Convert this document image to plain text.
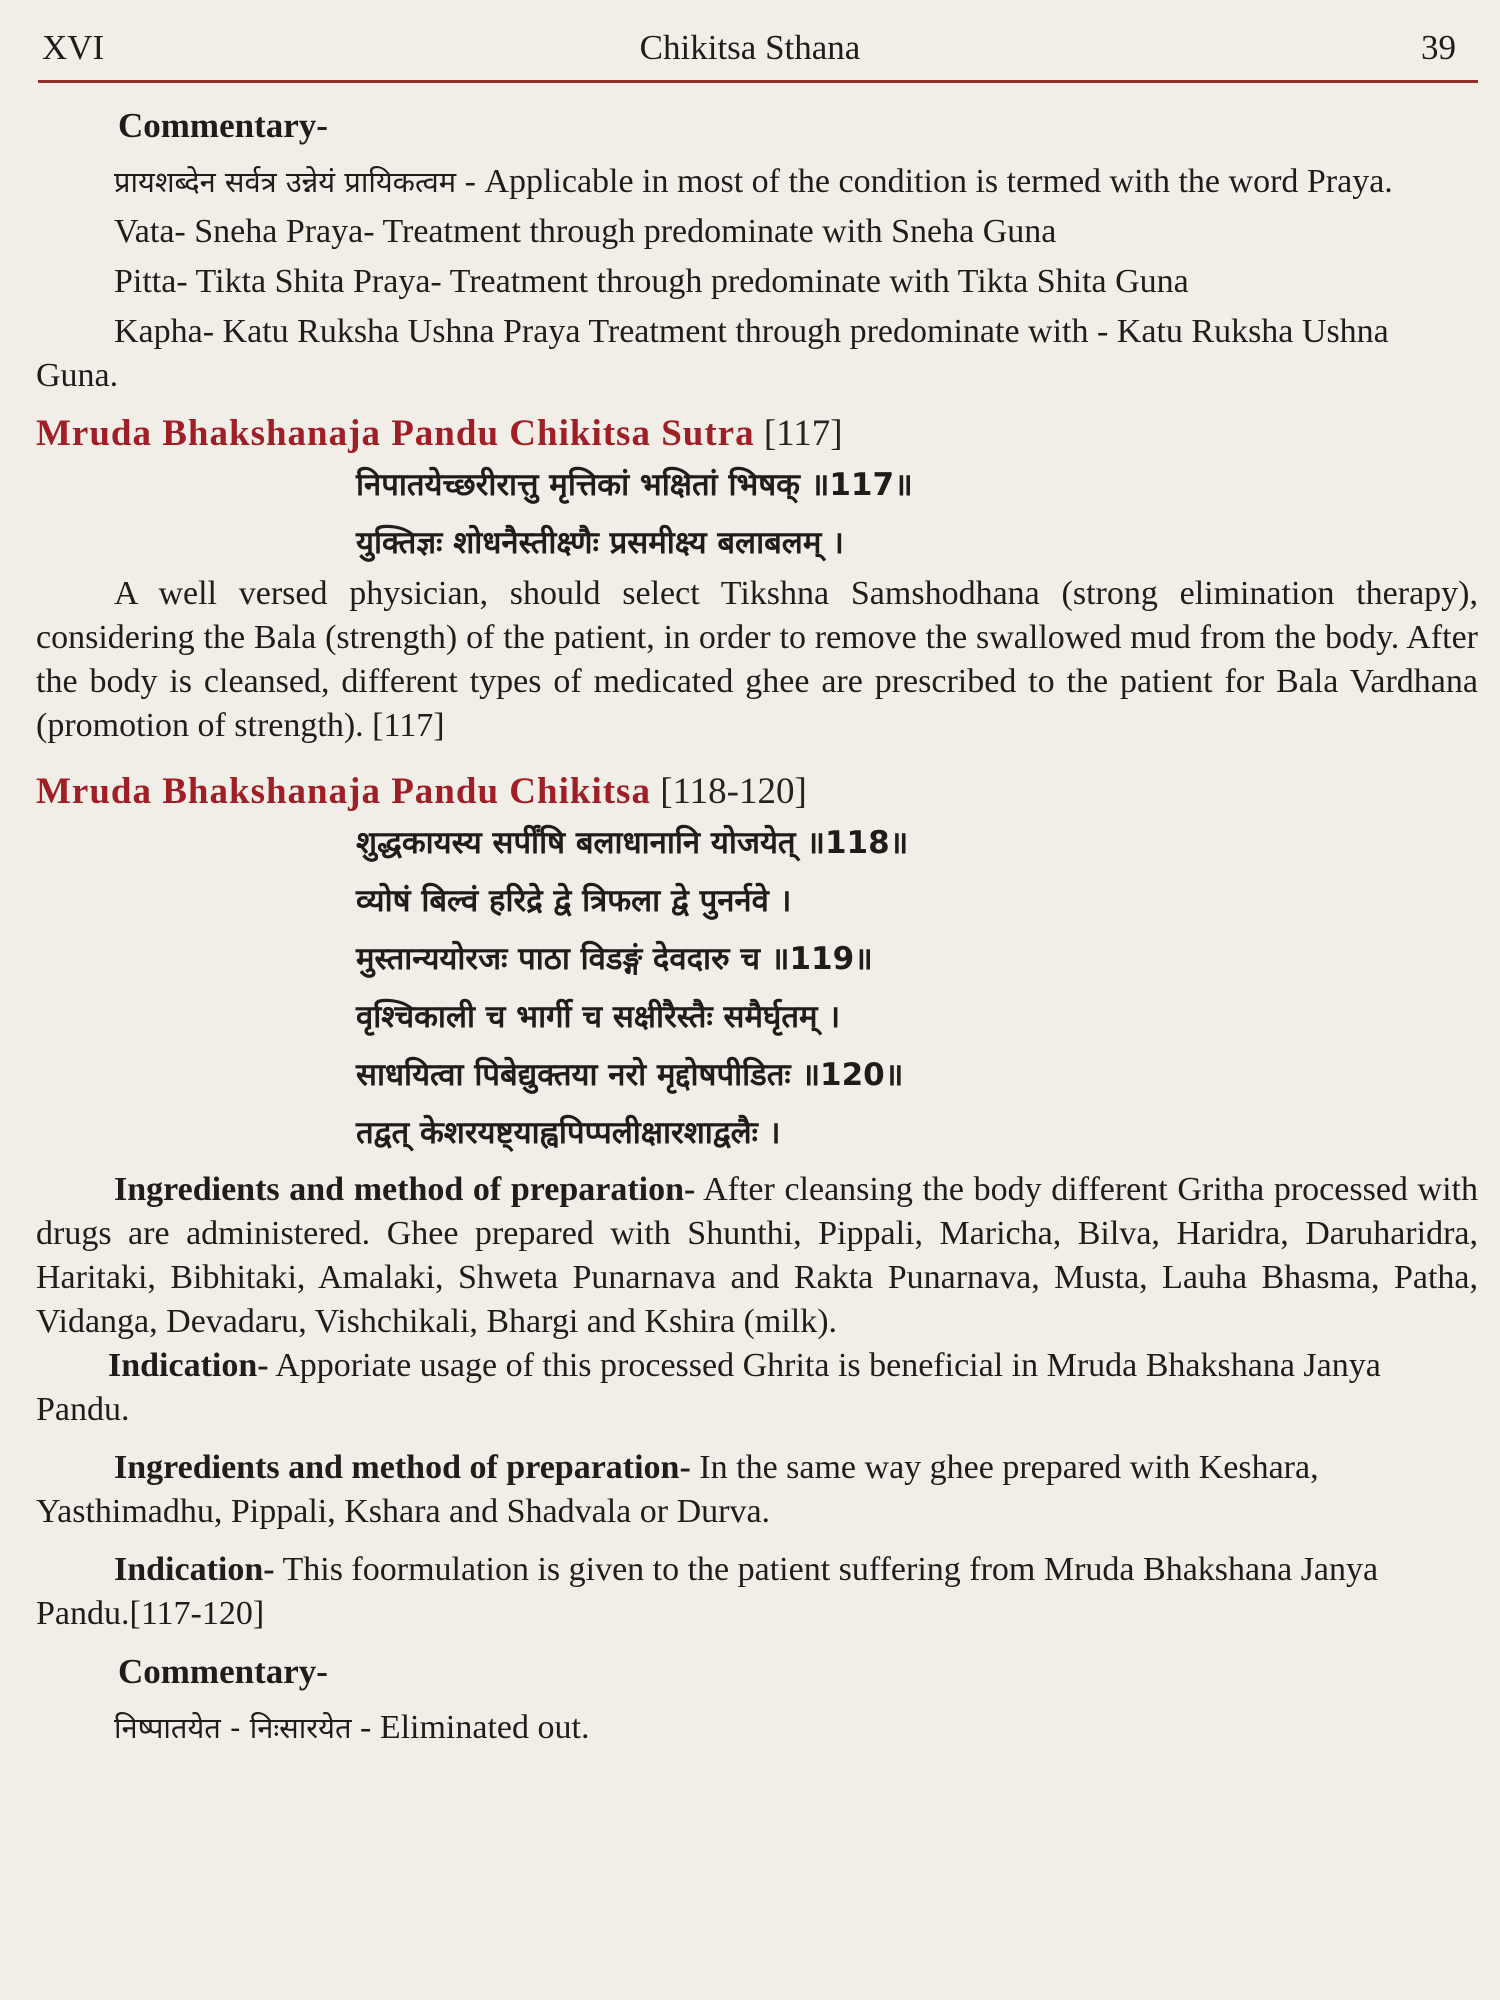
XVI	Chikitsa Sthana	39
Commentary-

प्रायशब्देन सर्वत्र उन्नेयं प्रायिकत्वम - Applicable in most of the condition is termed with the word Praya.

Vata- Sneha Praya- Treatment through predominate with Sneha Guna

Pitta- Tikta Shita Praya- Treatment through predominate with Tikta Shita Guna

Kapha- Katu Ruksha Ushna Praya Treatment through predominate with - Katu Ruksha Ushna Guna.

Mruda Bhakshanaja Pandu Chikitsa Sutra [117]
निपातयेच्छरीरात्तु मृत्तिकां भक्षितां भिषक् ॥117॥
युक्तिज्ञः शोधनैस्तीक्ष्णैः प्रसमीक्ष्य बलाबलम् ।

A well versed physician, should select Tikshna Samshodhana (strong elimination therapy), considering the Bala (strength) of the patient, in order to remove the swallowed mud from the body. After the body is cleansed, different types of medicated ghee are prescribed to the patient for Bala Vardhana (promotion of strength). [117]

Mruda Bhakshanaja Pandu Chikitsa [118-120]
शुद्धकायस्य सर्पींषि बलाधानानि योजयेत् ॥118॥
व्योषं बिल्वं हरिद्रे द्वे त्रिफला द्वे पुनर्नवे ।
मुस्तान्ययोरजः पाठा विडङ्गं देवदारु च ॥119॥
वृश्चिकाली च भार्गी च सक्षीरैस्तैः समैर्घृतम् ।
साधयित्वा पिबेद्युक्तया नरो मृद्दोषपीडितः ॥120॥
तद्वत् केशरयष्ट्याह्वपिप्पलीक्षारशाद्वलैः ।

Ingredients and method of preparation- After cleansing the body different Gritha processed with drugs are administered. Ghee prepared with Shunthi, Pippali, Maricha, Bilva, Haridra, Daruharidra, Haritaki, Bibhitaki, Amalaki, Shweta Punarnava and Rakta Punarnava, Musta, Lauha Bhasma, Patha, Vidanga, Devadaru, Vishchikali, Bhargi and Kshira (milk).

Indication- Apporiate usage of this processed Ghrita is beneficial in Mruda Bhakshana Janya Pandu.

Ingredients and method of preparation- In the same way ghee prepared with Keshara, Yasthimadhu, Pippali, Kshara and Shadvala or Durva.

Indication- This foormulation is given to the patient suffering from Mruda Bhakshana Janya Pandu.[117-120]

Commentary-

निष्पातयेत - निःसारयेत - Eliminated out.
